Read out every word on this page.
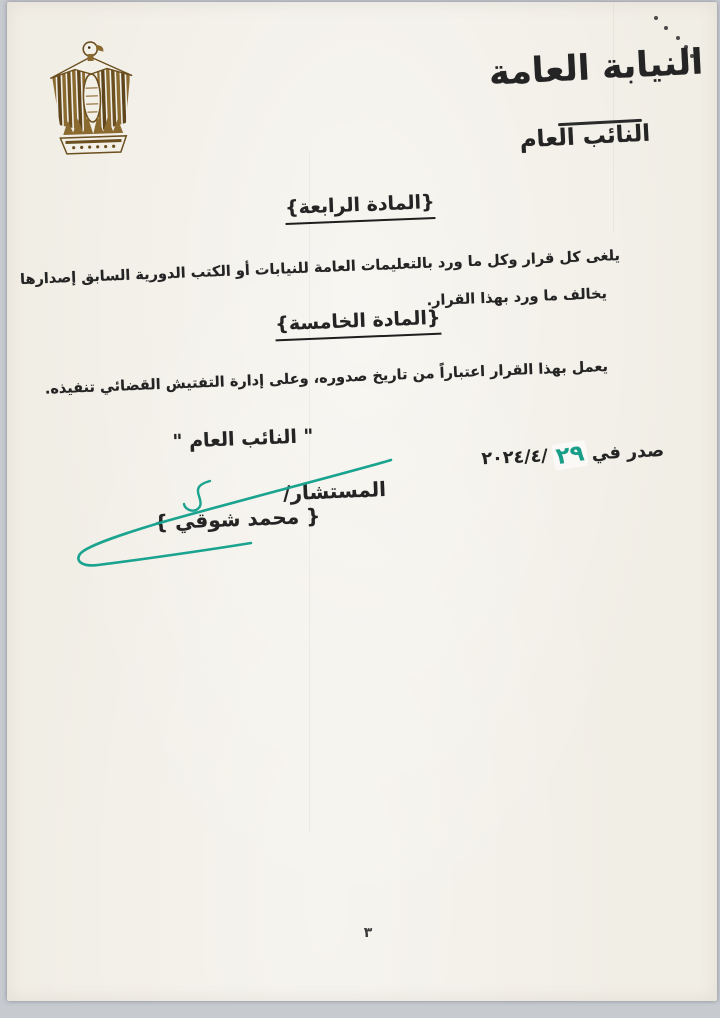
النيابة العامة
النائب العام
{المادة الرابعة}
يلغى كل قرار وكل ما ورد بالتعليمات العامة للنيابات أو الكتب الدورية السابق إصدارها
يخالف ما ورد بهذا القرار.
{المادة الخامسة}
يعمل بهذا القرار اعتباراً من تاريخ صدوره، وعلى إدارة التفتيش القضائي تنفيذه.
صدر في
٢٩
٢٠٢٤/٤/
" النائب العام "
المستشار/
{ محمد شوقي }
٣
